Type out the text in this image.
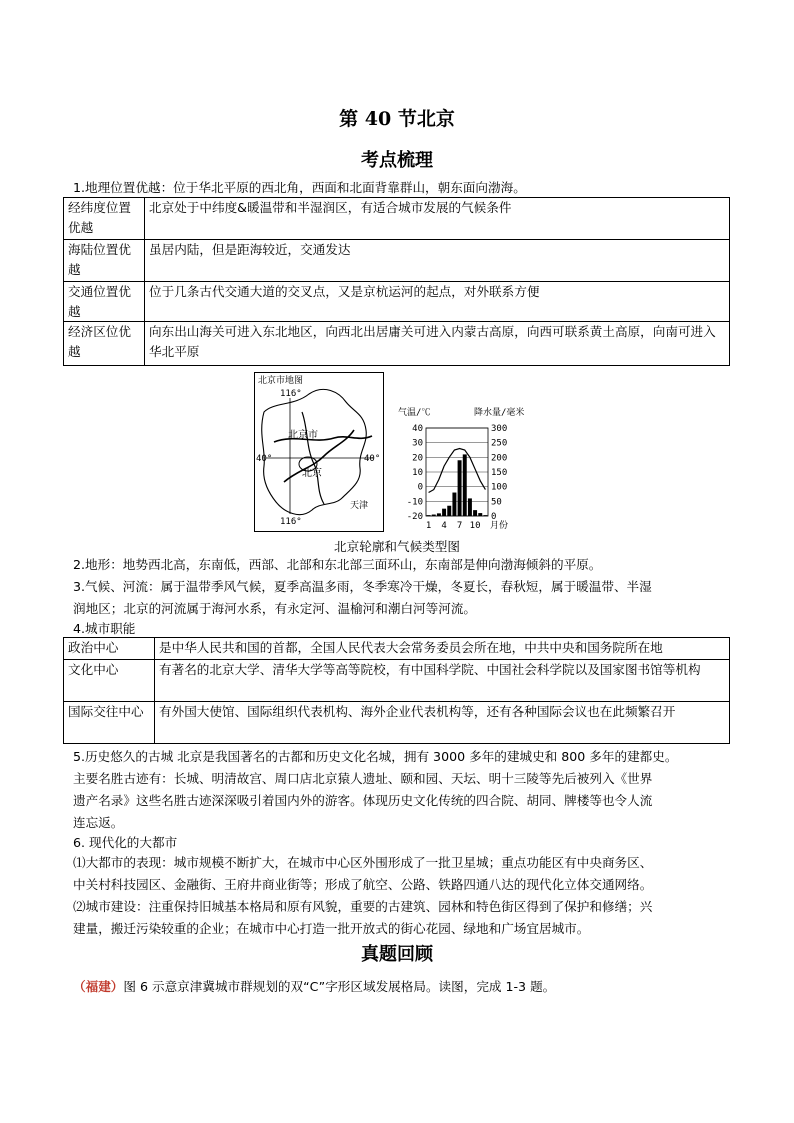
第 40 节北京
考点梳理
1.地理位置优越：位于华北平原的西北角，西面和北面背靠群山，朝东面向渤海。
经纬度位置优越	北京处于中纬度&暖温带和半湿润区，有适合城市发展的气候条件
海陆位置优越	虽居内陆，但是距海较近，交通发达
交通位置优越	位于几条古代交通大道的交叉点，又是京杭运河的起点，对外联系方便
经济区位优越	向东出山海关可进入东北地区，向西北出居庸关可进入内蒙古高原，向西可联系黄土高原，向南可进入华北平原
北京市地图
116°
116°
40°	40°
北京市
北京
天津
气温/℃	降水量/毫米
40
30
20
10
0
-10
-20
300
250
200
150
100
50
0
1 4 7 10 月份
北京轮廓和气候类型图
2.地形：地势西北高，东南低，西部、北部和东北部三面环山，东南部是伸向渤海倾斜的平原。
3.气候、河流：属于温带季风气候，夏季高温多雨，冬季寒冷干燥，冬夏长，春秋短，属于暖温带、半湿
润地区；北京的河流属于海河水系，有永定河、温榆河和潮白河等河流。
4.城市职能
政治中心	是中华人民共和国的首都，全国人民代表大会常务委员会所在地，中共中央和国务院所在地
文化中心	有著名的北京大学、清华大学等高等院校，有中国科学院、中国社会科学院以及国家图书馆等机构
国际交往中心	有外国大使馆、国际组织代表机构、海外企业代表机构等，还有各种国际会议也在此频繁召开
5.历史悠久的古城 北京是我国著名的古都和历史文化名城，拥有 3000 多年的建城史和 800 多年的建都史。
主要名胜古迹有：长城、明清故宫、周口店北京猿人遗址、颐和园、天坛、明十三陵等先后被列入《世界
遗产名录》这些名胜古迹深深吸引着国内外的游客。体现历史文化传统的四合院、胡同、牌楼等也令人流
连忘返。
6. 现代化的大都市
⑴大都市的表现：城市规模不断扩大，在城市中心区外围形成了一批卫星城；重点功能区有中央商务区、
中关村科技园区、金融街、王府井商业街等；形成了航空、公路、铁路四通八达的现代化立体交通网络。
⑵城市建设：注重保持旧城基本格局和原有风貌，重要的古建筑、园林和特色街区得到了保护和修缮；兴
建量，搬迁污染较重的企业；在城市中心打造一批开放式的街心花园、绿地和广场宜居城市。
真题回顾
（福建）图 6 示意京津冀城市群规划的双“C”字形区域发展格局。读图，完成 1-3 题。
